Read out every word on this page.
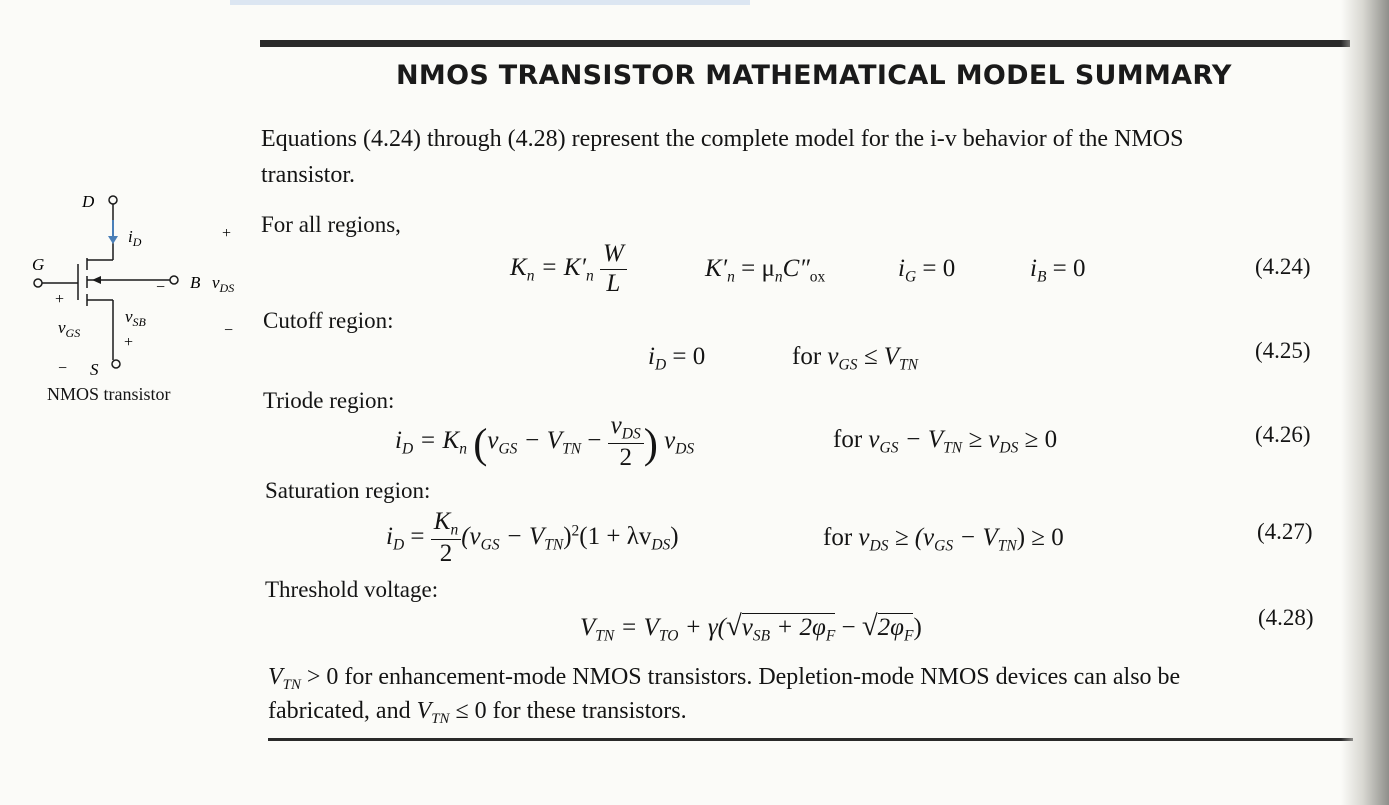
NMOS TRANSISTOR MATHEMATICAL MODEL SUMMARY
Equations (4.24) through (4.28) represent the complete model for the i-v behavior of the NMOS
transistor.
For all regions,
$K_n = K'_n \frac{W}{L}$	$K'_n = \mu_nC''_{ox}$	$i_G = 0$	$i_B = 0$	(4.24)
Cutoff region:
$i_D = 0$	for $v_{GS} \le V_{TN}$
(4.25)
Triode region:
$i_D = K_n$ ($v_{GS} - V_{TN} - \frac{v_{DS}}{2}$ ) $v_{DS}$	for $v_{GS} - V_{TN} \ge v_{DS} \ge 0$	(4.26)
Saturation region:
$i_D = \frac{K_n}{2} (v_{GS} - V_{TN})^2(1 + \lambda v_{DS})$	for $v_{DS} \ge (v_{GS} - V_{TN}) \ge 0$	(4.27)
Threshold voltage:
$V_{TN} = V_{TO} + \gamma(√v_{SB} + 2\varphi_F - √2\varphi_F)$	(4.28)
$V_{TN} > 0$ for enhancement-mode NMOS transistors. Depletion-mode NMOS devices can also be
fabricated, and $V_{TN} \le 0$ for these transistors.
D
G
S
B
$i_D$
$v_{DS}$
$v_{GS}$
$v_{SB}$
+
−
+
−
+
−
NMOS transistor
